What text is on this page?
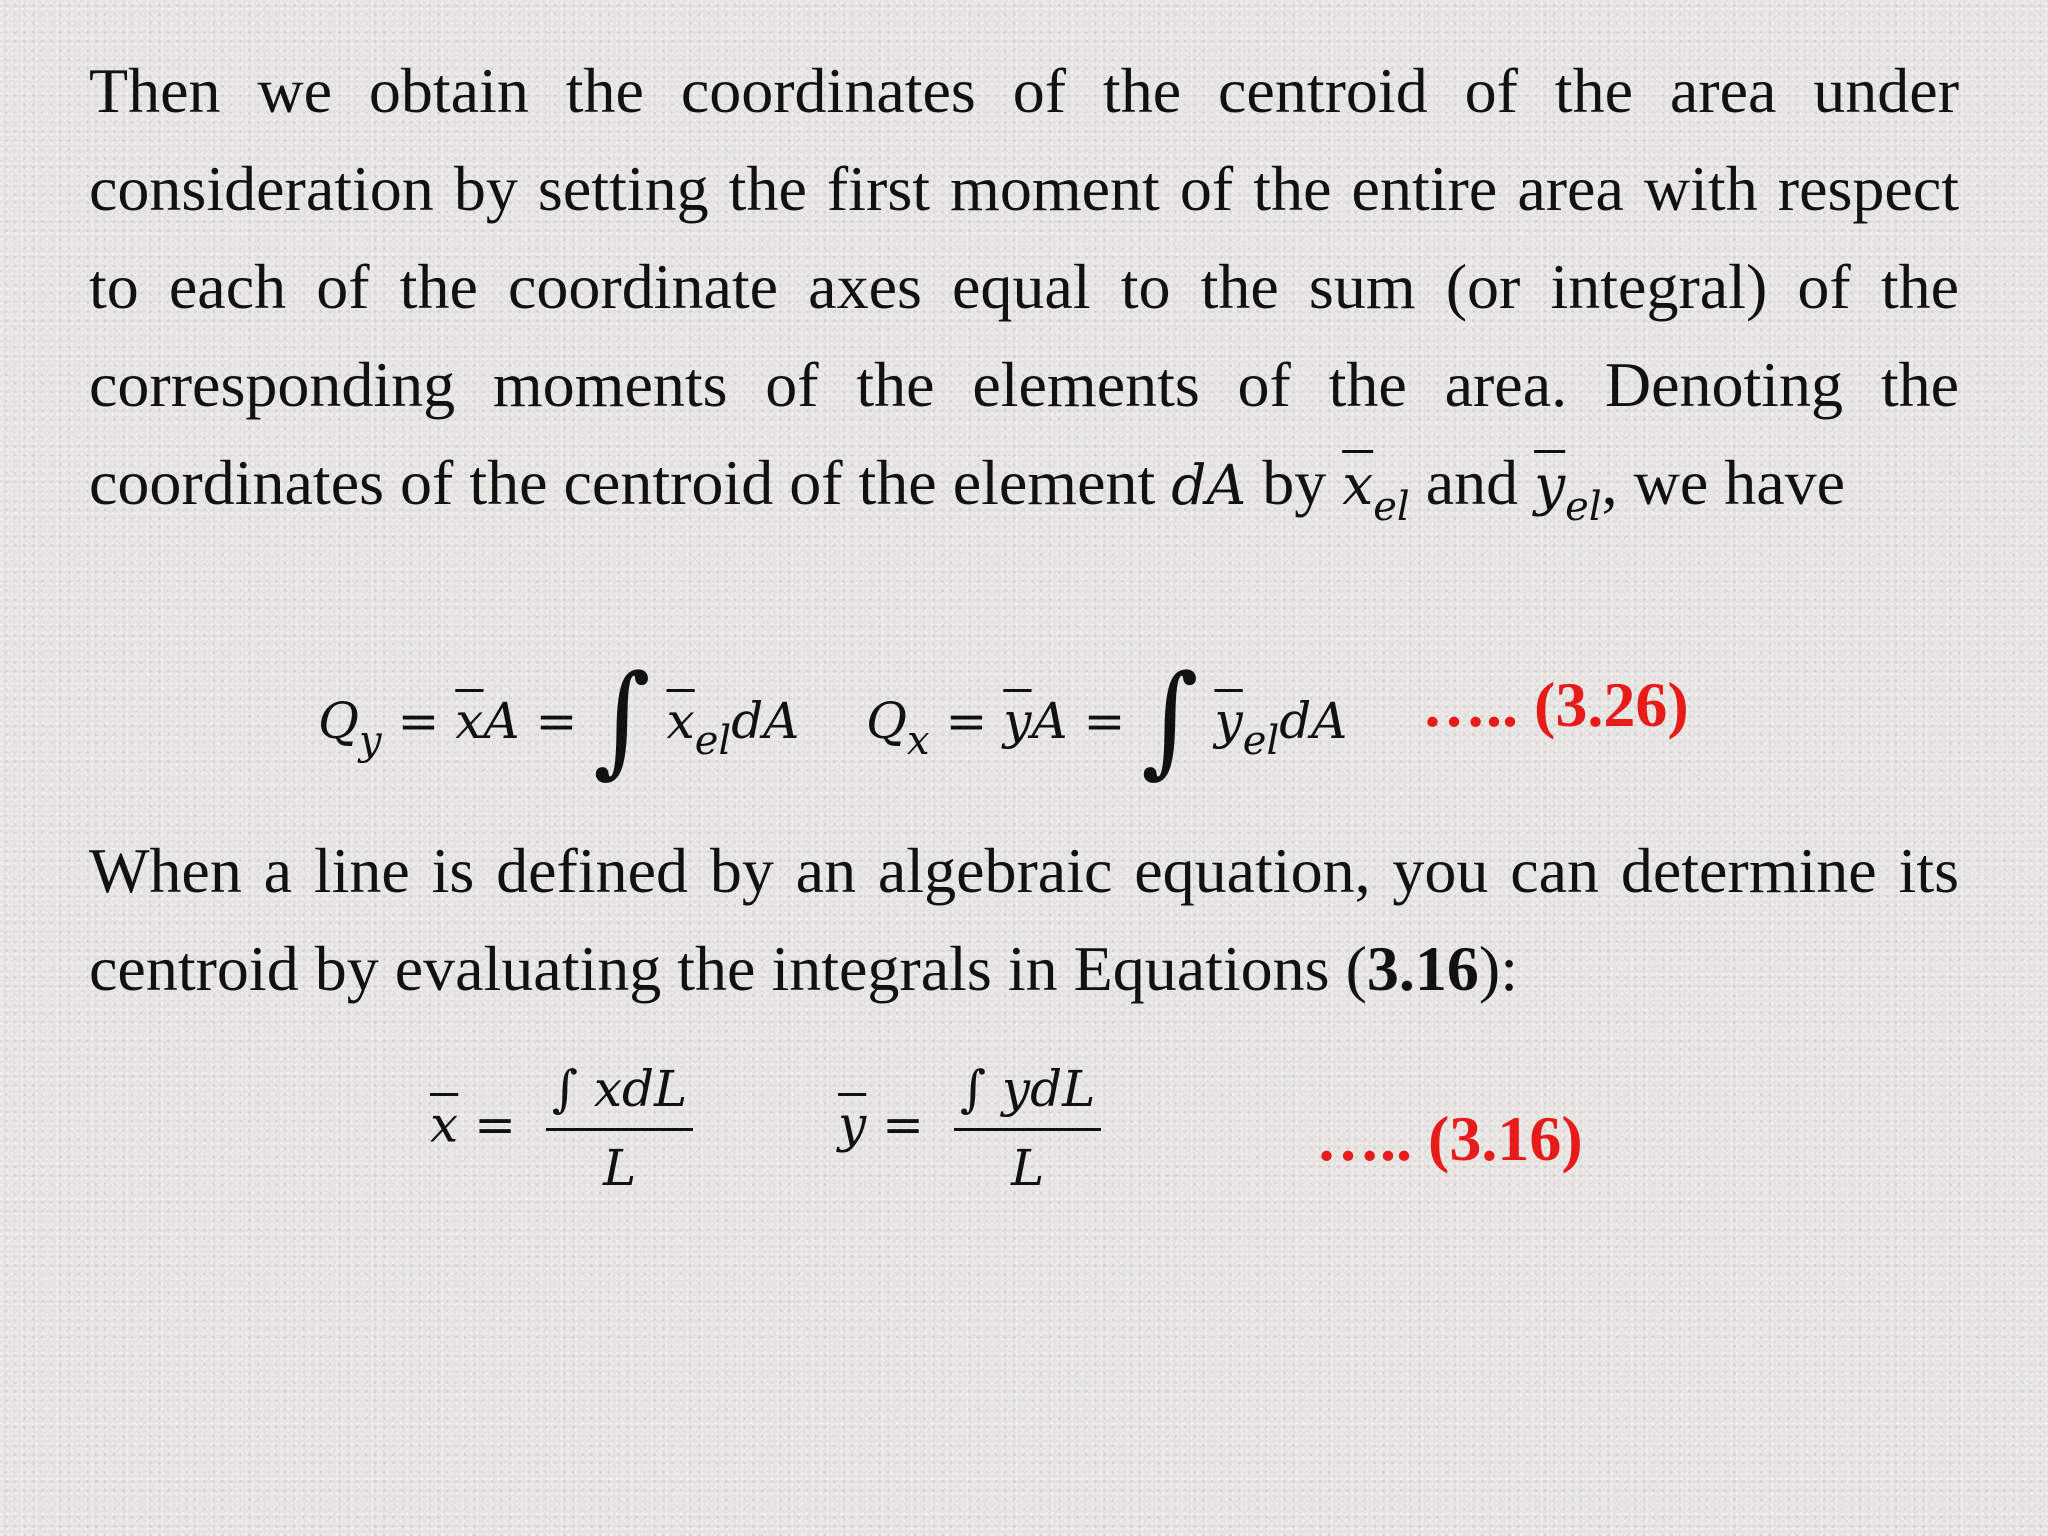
Then we obtain the coordinates of the centroid of the area under consideration by setting the first moment of the entire area with respect to each of the coordinate axes equal to the sum (or integral) of the corresponding moments of the elements of the area. Denoting the coordinates of the centroid of the element dA by $\overline{x}_{el}$ and $\overline{y}_{el}$, we have

$Q_y = \overline{x}A$ = ∫ $\overline{x}_{el}dA$ $Q_x = \overline{y}A$ = ∫ $\overline{y}_{el}dA$ ….. (3.26)

When a line is defined by an algebraic equation, you can determine its centroid by evaluating the integrals in Equations (3.16):

$\overline{x} = \frac{\text{∫ xdL}}{L}$	$\overline{y} = \frac{\text{∫ ydL}}{L}$	….. (3.16)
